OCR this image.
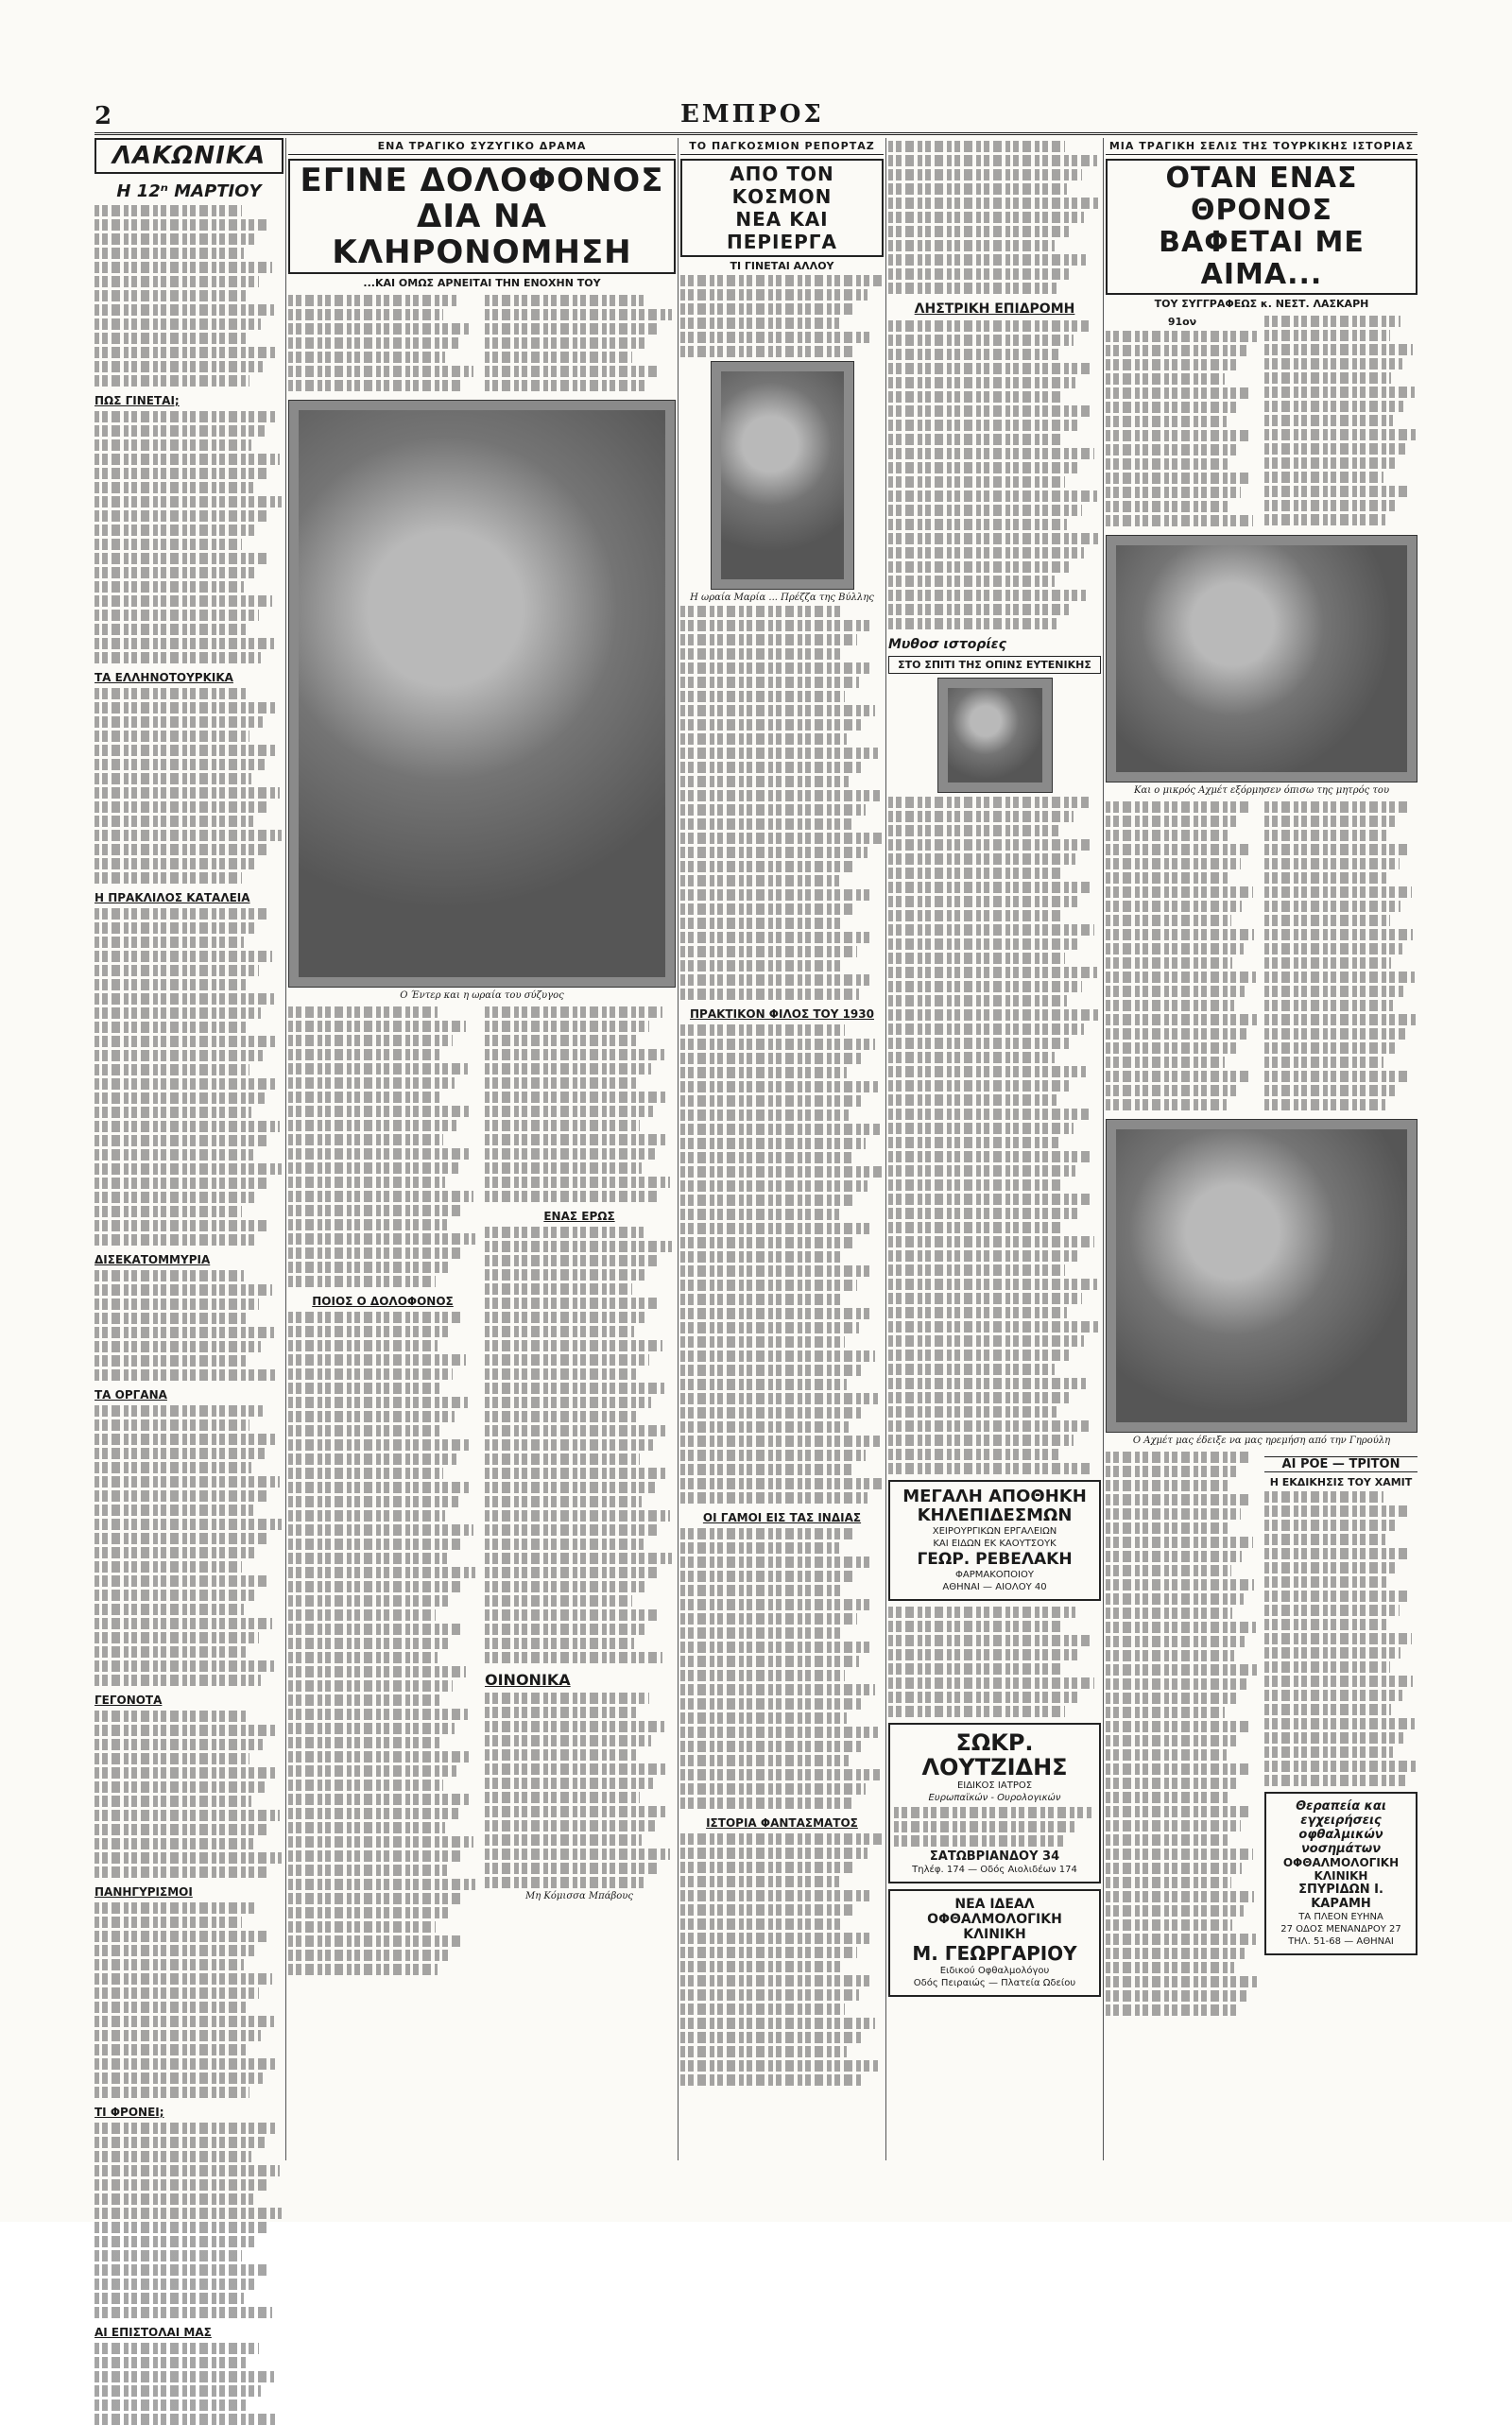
2	ΕΜΠΡΟΣ
ΛΑΚΩΝΙΚΑ
Η 12ⁿ ΜΑΡΤΙΟΥ
ΠΩΣ ΓΙΝΕΤΑΙ;
ΤΑ ΕΛΛΗΝΟΤΟΥΡΚΙΚΑ
Η ΠΡΑΚΛΙΛΟΣ ΚΑΤΑΛΕΙΑ
ΔΙΣΕΚΑΤΟΜΜΥΡΙΑ
ΤΑ ΟΡΓΑΝΑ
ΓΕΓΟΝΟΤΑ
ΠΑΝΗΓΥΡΙΣΜΟΙ
ΤΙ ΦΡΟΝΕΙ;
ΑΙ ΕΠΙΣΤΟΛΑΙ ΜΑΣ
ΕΝΑ ΤΡΑΓΙΚΟ ΣΥΖΥΓΙΚΟ ΔΡΑΜΑ
ΕΓΙΝΕ ΔΟΛΟΦΟΝΟΣ
ΔΙΑ ΝΑ ΚΛΗΡΟΝΟΜΗΣΗ
...ΚΑΙ ΟΜΩΣ ΑΡΝΕΙΤΑΙ ΤΗΝ ΕΝΟΧΗΝ ΤΟΥ
Ο Έντερ και η ωραία του σύζυγος
ΠΟΙΟΣ Ο ΔΟΛΟΦΟΝΟΣ
ΕΝΑΣ ΕΡΩΣ
ΟΙΝΟΝΙΚΑ
Μη Κόμισσα Μπάβους
ΤΟ ΠΑΓΚΟΣΜΙΟΝ ΡΕΠΟΡΤΑΖ
ΑΠΟ ΤΟΝ ΚΟΣΜΟΝ
ΝΕΑ ΚΑΙ ΠΕΡΙΕΡΓΑ
ΤΙ ΓΙΝΕΤΑΙ ΑΛΛΟΥ
Η ωραία Μαρία ... Πρέζζα της Βύλλης
ΠΡΑΚΤΙΚΟΝ ΦΙΛΟΣ ΤΟΥ 1930
ΟΙ ΓΑΜΟΙ ΕΙΣ ΤΑΣ ΙΝΔΙΑΣ
ΙΣΤΟΡΙΑ ΦΑΝΤΑΣΜΑΤΟΣ
ΛΗΣΤΡΙΚΗ ΕΠΙΔΡΟΜΗ
Μυθοσ ιστορίες
ΣΤΟ ΣΠΙΤΙ ΤΗΣ ΟΠΙΝΣ ΕΥΤΕΝΙΚΗΣ
ΜΕΓΑΛΗ ΑΠΟΘΗΚΗ ΚΗΛΕΠΙΔΕΣΜΩΝ
ΧΕΙΡΟΥΡΓΙΚΩΝ ΕΡΓΑΛΕΙΩΝ
ΚΑΙ ΕΙΔΩΝ ΕΚ ΚΑΟΥΤΣΟΥΚ
ΓΕΩΡ. ΡΕΒΕΛΑΚΗ
ΦΑΡΜΑΚΟΠΟΙΟΥ
ΑΘΗΝΑΙ — ΑΙΟΛΟΥ 40
ΣΩΚΡ. ΛΟΥΤΖΙΔΗΣ
ΕΙΔΙΚΟΣ ΙΑΤΡΟΣ
Ευρωπαϊκών - Ουρολογικών
ΣΑΤΩΒΡΙΑΝΔΟΥ 34
Τηλέφ. 174 — Οδός Αιολιδέων 174
ΝΕΑ ΙΔΕΑΛ ΟΦΘΑΛΜΟΛΟΓΙΚΗ ΚΛΙΝΙΚΗ
Μ. ΓΕΩΡΓΑΡΙΟΥ
Ειδικού Οφθαλμολόγου
Οδός Πειραιώς — Πλατεία Ωδείου
ΜΙΑ ΤΡΑΓΙΚΗ ΣΕΛΙΣ ΤΗΣ ΤΟΥΡΚΙΚΗΣ ΙΣΤΟΡΙΑΣ
ΟΤΑΝ ΕΝΑΣ ΘΡΟΝΟΣ
ΒΑΦΕΤΑΙ ΜΕ ΑΙΜΑ...
ΤΟΥ ΣΥΓΓΡΑΦΕΩΣ κ. ΝΕΣΤ. ΛΑΣΚΑΡΗ
91ον
Και ο μικρός Αχμέτ εξόρμησεν όπισω της μητρός του
Ο Αχμέτ μας έδειξε να μας ηρεμήση από την Γηρούλη
ΑΙ ΡΟΕ — ΤΡΙΤΟΝ
Η ΕΚΔΙΚΗΣΙΣ ΤΟΥ ΧΑΜΙΤ
Θεραπεία και εγχειρήσεις οφθαλμικών νοσημάτων
ΟΦΘΑΛΜΟΛΟΓΙΚΗ ΚΛΙΝΙΚΗ
ΣΠΥΡΙΔΩΝ Ι. ΚΑΡΑΜΗ
ΤΑ ΠΛΕΟΝ ΕΥΗΝΑ
27 ΟΔΟΣ ΜΕΝΑΝΔΡΟΥ 27
ΤΗΛ. 51-68 — ΑΘΗΝΑΙ
